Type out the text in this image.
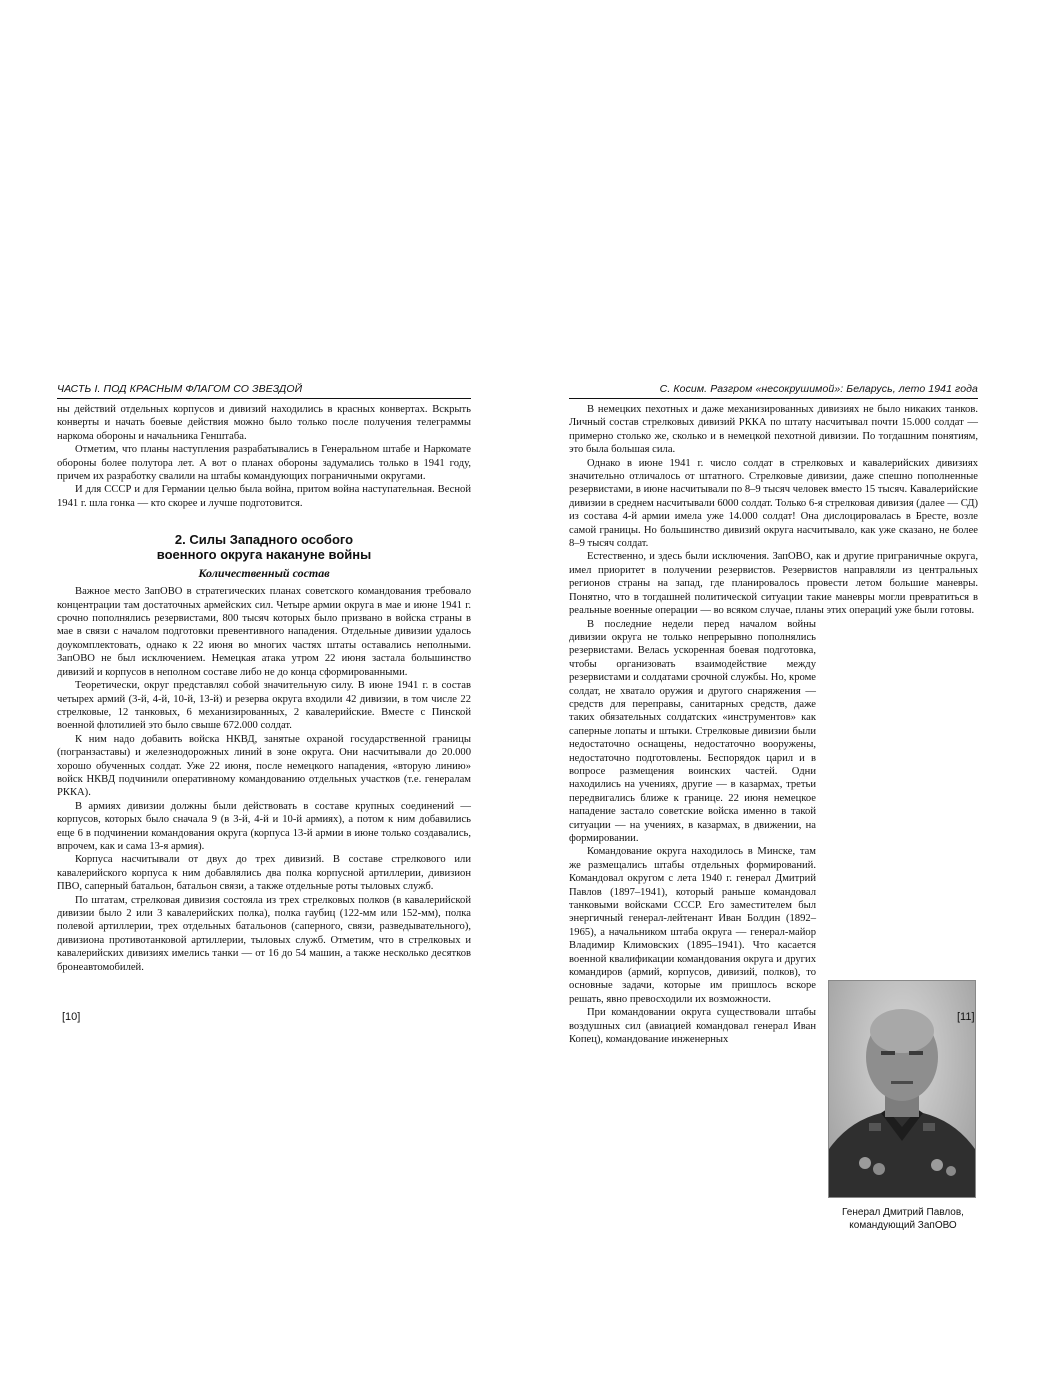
ЧАСТЬ I. ПОД КРАСНЫМ ФЛАГОМ СО ЗВЕЗДОЙ

ны действий отдельных корпусов и дивизий находились в красных конвертах. Вскрыть конверты и начать боевые действия можно было только после получения телеграммы наркома обороны и начальника Генштаба.

Отметим, что планы наступления разрабатывались в Генеральном штабе и Наркомате обороны более полутора лет. А вот о планах обороны задумались только в 1941 году, причем их разработку свалили на штабы командующих пограничными округами.

И для СССР и для Германии целью была война, притом война наступательная. Весной 1941 г. шла гонка — кто скорее и лучше подготовится.

2. Силы Западного особого
военного округа накануне войны
Количественный состав

Важное место ЗапОВО в стратегических планах советского командования требовало концентрации там достаточных армейских сил. Четыре армии округа в мае и июне 1941 г. срочно пополнялись резервистами, 800 тысяч которых было призвано в войска страны в мае в связи с началом подготовки превентивного нападения. Отдельные дивизии удалось доукомплектовать, однако к 22 июня во многих частях штаты оставались неполными. ЗапОВО не был исключением. Немецкая атака утром 22 июня застала большинство дивизий и корпусов в неполном составе либо не до конца сформированными.

Теоретически, округ представлял собой значительную силу. В июне 1941 г. в состав четырех армий (3-й, 4-й, 10-й, 13-й) и резерва округа входили 42 дивизии, в том числе 22 стрелковые, 12 танковых, 6 механизированных, 2 кавалерийские. Вместе с Пинской военной флотилией это было свыше 672.000 солдат.

К ним надо добавить войска НКВД, занятые охраной государственной границы (погранзаставы) и железнодорожных линий в зоне округа. Они насчитывали до 20.000 хорошо обученных солдат. Уже 22 июня, после немецкого нападения, «вторую линию» войск НКВД подчинили оперативному командованию отдельных участков (т.е. генералам РККА).

В армиях дивизии должны были действовать в составе крупных соединений — корпусов, которых было сначала 9 (в 3-й, 4-й и 10-й армиях), а потом к ним добавились еще 6 в подчинении командования округа (корпуса 13-й армии в июне только создавались, впрочем, как и сама 13-я армия).

Корпуса насчитывали от двух до трех дивизий. В составе стрелкового или кавалерийского корпуса к ним добавлялись два полка корпусной артиллерии, дивизион ПВО, саперный батальон, батальон связи, а также отдельные роты тыловых служб.

По штатам, стрелковая дивизия состояла из трех стрелковых полков (в кавалерийской дивизии было 2 или 3 кавалерийских полка), полка гаубиц (122-мм или 152-мм), полка полевой артиллерии, трех отдельных батальонов (саперного, связи, разведывательного), дивизиона противотанковой артиллерии, тыловых служб. Отметим, что в стрелковых и кавалерийских дивизиях имелись танки — от 16 до 54 машин, а также несколько десятков бронеавтомобилей.

[10]
С. Косим. Разгром «несокрушимой»: Беларусь, лето 1941 года

В немецких пехотных и даже механизированных дивизиях не было никаких танков. Личный состав стрелковых дивизий РККА по штату насчитывал почти 15.000 солдат — примерно столько же, сколько и в немецкой пехотной дивизии. По тогдашним понятиям, это была большая сила.

Однако в июне 1941 г. число солдат в стрелковых и кавалерийских дивизиях значительно отличалось от штатного. Стрелковые дивизии, даже спешно пополненные резервистами, в июне насчитывали по 8–9 тысяч человек вместо 15 тысяч. Кавалерийские дивизии в среднем насчитывали 6000 солдат. Только 6-я стрелковая дивизия (далее — СД) из состава 4-й армии имела уже 14.000 солдат! Она дислоцировалась в Бресте, возле самой границы. Но большинство дивизий округа насчитывало, как уже сказано, не более 8–9 тысяч солдат.

Естественно, и здесь были исключения. ЗапОВО, как и другие приграничные округа, имел приоритет в получении резервистов. Резервистов направляли из центральных регионов страны на запад, где планировалось провести летом большие маневры. Понятно, что в тогдашней политической ситуации такие маневры могли превратиться в реальные военные операции — во всяком случае, планы этих операций уже были готовы.

Генерал Дмитрий Павлов,
командующий ЗапОВО

В последние недели перед началом войны дивизии округа не только непрерывно пополнялись резервистами. Велась ускоренная боевая подготовка, чтобы организовать взаимодействие между резервистами и солдатами срочной службы. Но, кроме солдат, не хватало оружия и другого снаряжения — средств для переправы, санитарных средств, даже таких обязательных солдатских «инструментов» как саперные лопаты и штыки. Стрелковые дивизии были недостаточно оснащены, недостаточно вооружены, недостаточно подготовлены. Беспорядок царил и в вопросе размещения воинских частей. Одни находились на учениях, другие — в казармах, третьи передвигались ближе к границе. 22 июня немецкое нападение застало советские войска именно в такой ситуации — на учениях, в казармах, в движении, на формировании.

Командование округа находилось в Минске, там же размещались штабы отдельных формирований. Командовал округом с лета 1940 г. генерал Дмитрий Павлов (1897–1941), который раньше командовал танковыми войсками СССР. Его заместителем был энергичный генерал-лейтенант Иван Болдин (1892–1965), а начальником штаба округа — генерал-майор Владимир Климовских (1895–1941). Что касается военной квалификации командования округа и других командиров (армий, корпусов, дивизий, полков), то основные задачи, которые им пришлось вскоре решать, явно превосходили их возможности.

При командовании округа существовали штабы воздушных сил (авиацией командовал генерал Иван Копец), командование инженерных

[11]
